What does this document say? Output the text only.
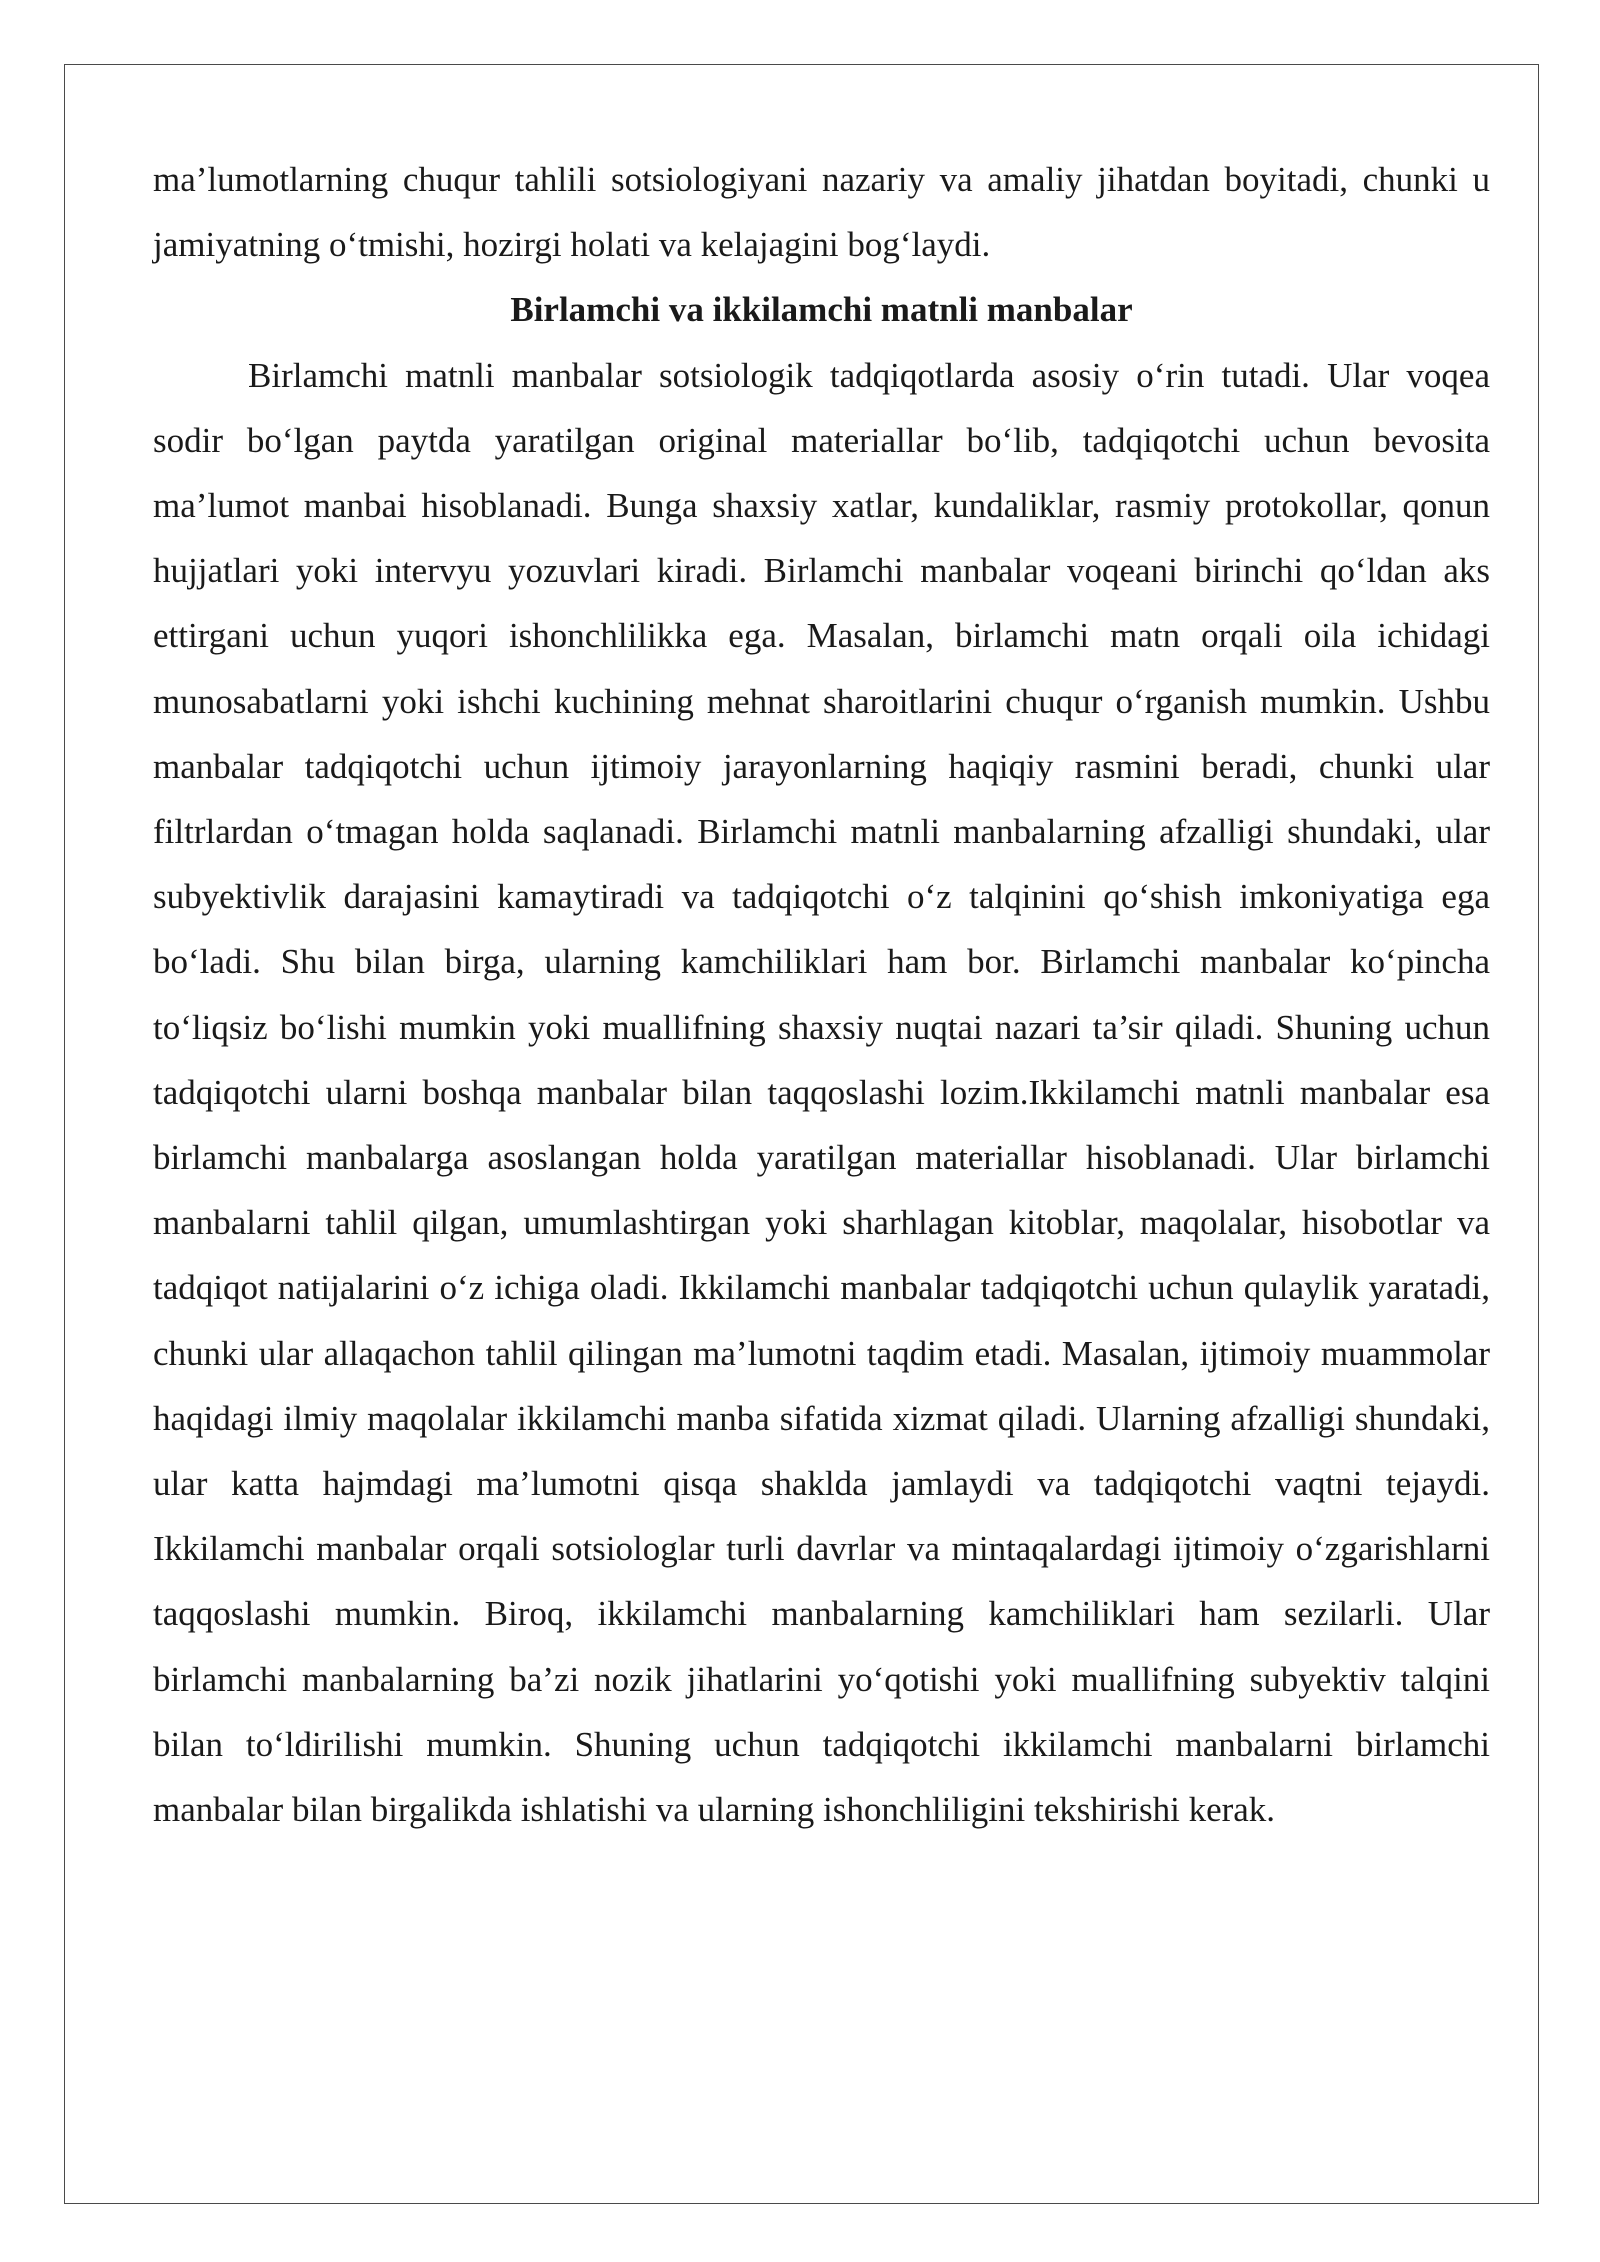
ma’lumotlarning chuqur tahlili sotsiologiyani nazariy va amaliy jihatdan boyitadi, chunki u jamiyatning o‘tmishi, hozirgi holati va kelajagini bog‘laydi.

Birlamchi va ikkilamchi matnli manbalar

Birlamchi matnli manbalar sotsiologik tadqiqotlarda asosiy o‘rin tutadi. Ular voqea sodir bo‘lgan paytda yaratilgan original materiallar bo‘lib, tadqiqotchi uchun bevosita ma’lumot manbai hisoblanadi. Bunga shaxsiy xatlar, kundaliklar, rasmiy protokollar, qonun hujjatlari yoki intervyu yozuvlari kiradi. Birlamchi manbalar voqeani birinchi qo‘ldan aks ettirgani uchun yuqori ishonchlilikka ega. Masalan, birlamchi matn orqali oila ichidagi munosabatlarni yoki ishchi kuchining mehnat sharoitlarini chuqur o‘rganish mumkin. Ushbu manbalar tadqiqotchi uchun ijtimoiy jarayonlarning haqiqiy rasmini beradi, chunki ular filtrlardan o‘tmagan holda saqlanadi. Birlamchi matnli manbalarning afzalligi shundaki, ular subyektivlik darajasini kamaytiradi va tadqiqotchi o‘z talqinini qo‘shish imkoniyatiga ega bo‘ladi. Shu bilan birga, ularning kamchiliklari ham bor. Birlamchi manbalar ko‘pincha to‘liqsiz bo‘lishi mumkin yoki muallifning shaxsiy nuqtai nazari ta’sir qiladi. Shuning uchun tadqiqotchi ularni boshqa manbalar bilan taqqoslashi lozim.Ikkilamchi matnli manbalar esa birlamchi manbalarga asoslangan holda yaratilgan materiallar hisoblanadi. Ular birlamchi manbalarni tahlil qilgan, umumlashtirgan yoki sharhlagan kitoblar, maqolalar, hisobotlar va tadqiqot natijalarini o‘z ichiga oladi. Ikkilamchi manbalar tadqiqotchi uchun qulaylik yaratadi, chunki ular allaqachon tahlil qilingan ma’lumotni taqdim etadi. Masalan, ijtimoiy muammolar haqidagi ilmiy maqolalar ikkilamchi manba sifatida xizmat qiladi. Ularning afzalligi shundaki, ular katta hajmdagi ma’lumotni qisqa shaklda jamlaydi va tadqiqotchi vaqtni tejaydi. Ikkilamchi manbalar orqali sotsiologlar turli davrlar va mintaqalardagi ijtimoiy o‘zgarishlarni taqqoslashi mumkin. Biroq, ikkilamchi manbalarning kamchiliklari ham sezilarli. Ular birlamchi manbalarning ba’zi nozik jihatlarini yo‘qotishi yoki muallifning subyektiv talqini bilan to‘ldirilishi mumkin. Shuning uchun tadqiqotchi ikkilamchi manbalarni birlamchi manbalar bilan birgalikda ishlatishi va ularning ishonchliligini tekshirishi kerak.
